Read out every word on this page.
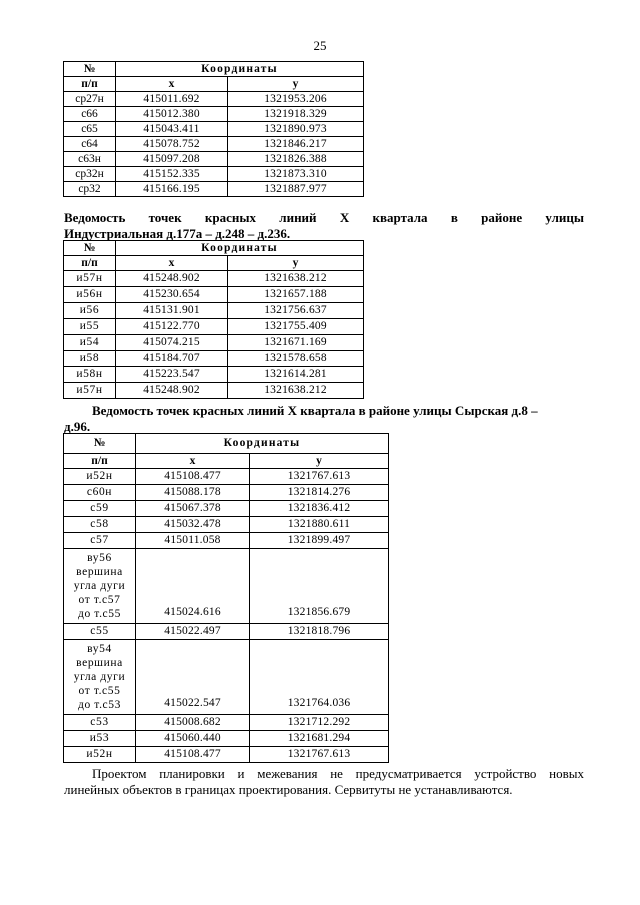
25
№	Координаты	
п/п	х	у
ср27н	415011.692	1321953.206
с66	415012.380	1321918.329
с65	415043.411	1321890.973
с64	415078.752	1321846.217
с63н	415097.208	1321826.388
ср32н	415152.335	1321873.310
ср32	415166.195	1321887.977
Ведомость точек красных линий Х квартала в районе улицы
Индустриальная д.177а – д.248 – д.236.
№	Координаты	
п/п	х	у
и57н	415248.902	1321638.212
и56н	415230.654	1321657.188
и56	415131.901	1321756.637
и55	415122.770	1321755.409
и54	415074.215	1321671.169
и58	415184.707	1321578.658
и58н	415223.547	1321614.281
и57н	415248.902	1321638.212
Ведомость точек красных линий Х квартала в районе улицы Сырская д.8 –
д.96.
№	Координаты	
п/п	х	у
и52н	415108.477	1321767.613
с60н	415088.178	1321814.276
с59	415067.378	1321836.412
с58	415032.478	1321880.611
с57	415011.058	1321899.497

ву56
вершина
угла дуги
от т.с57
до т.с55	415024.616	1321856.679
с55	415022.497	1321818.796

ву54
вершина
угла дуги
от т.с55
до т.с53	415022.547	1321764.036
с53	415008.682	1321712.292
и53	415060.440	1321681.294
и52н	415108.477	1321767.613
Проектом планировки и межевания не предусматривается устройство новых
линейных объектов в границах проектирования. Сервитуты не устанавливаются.
